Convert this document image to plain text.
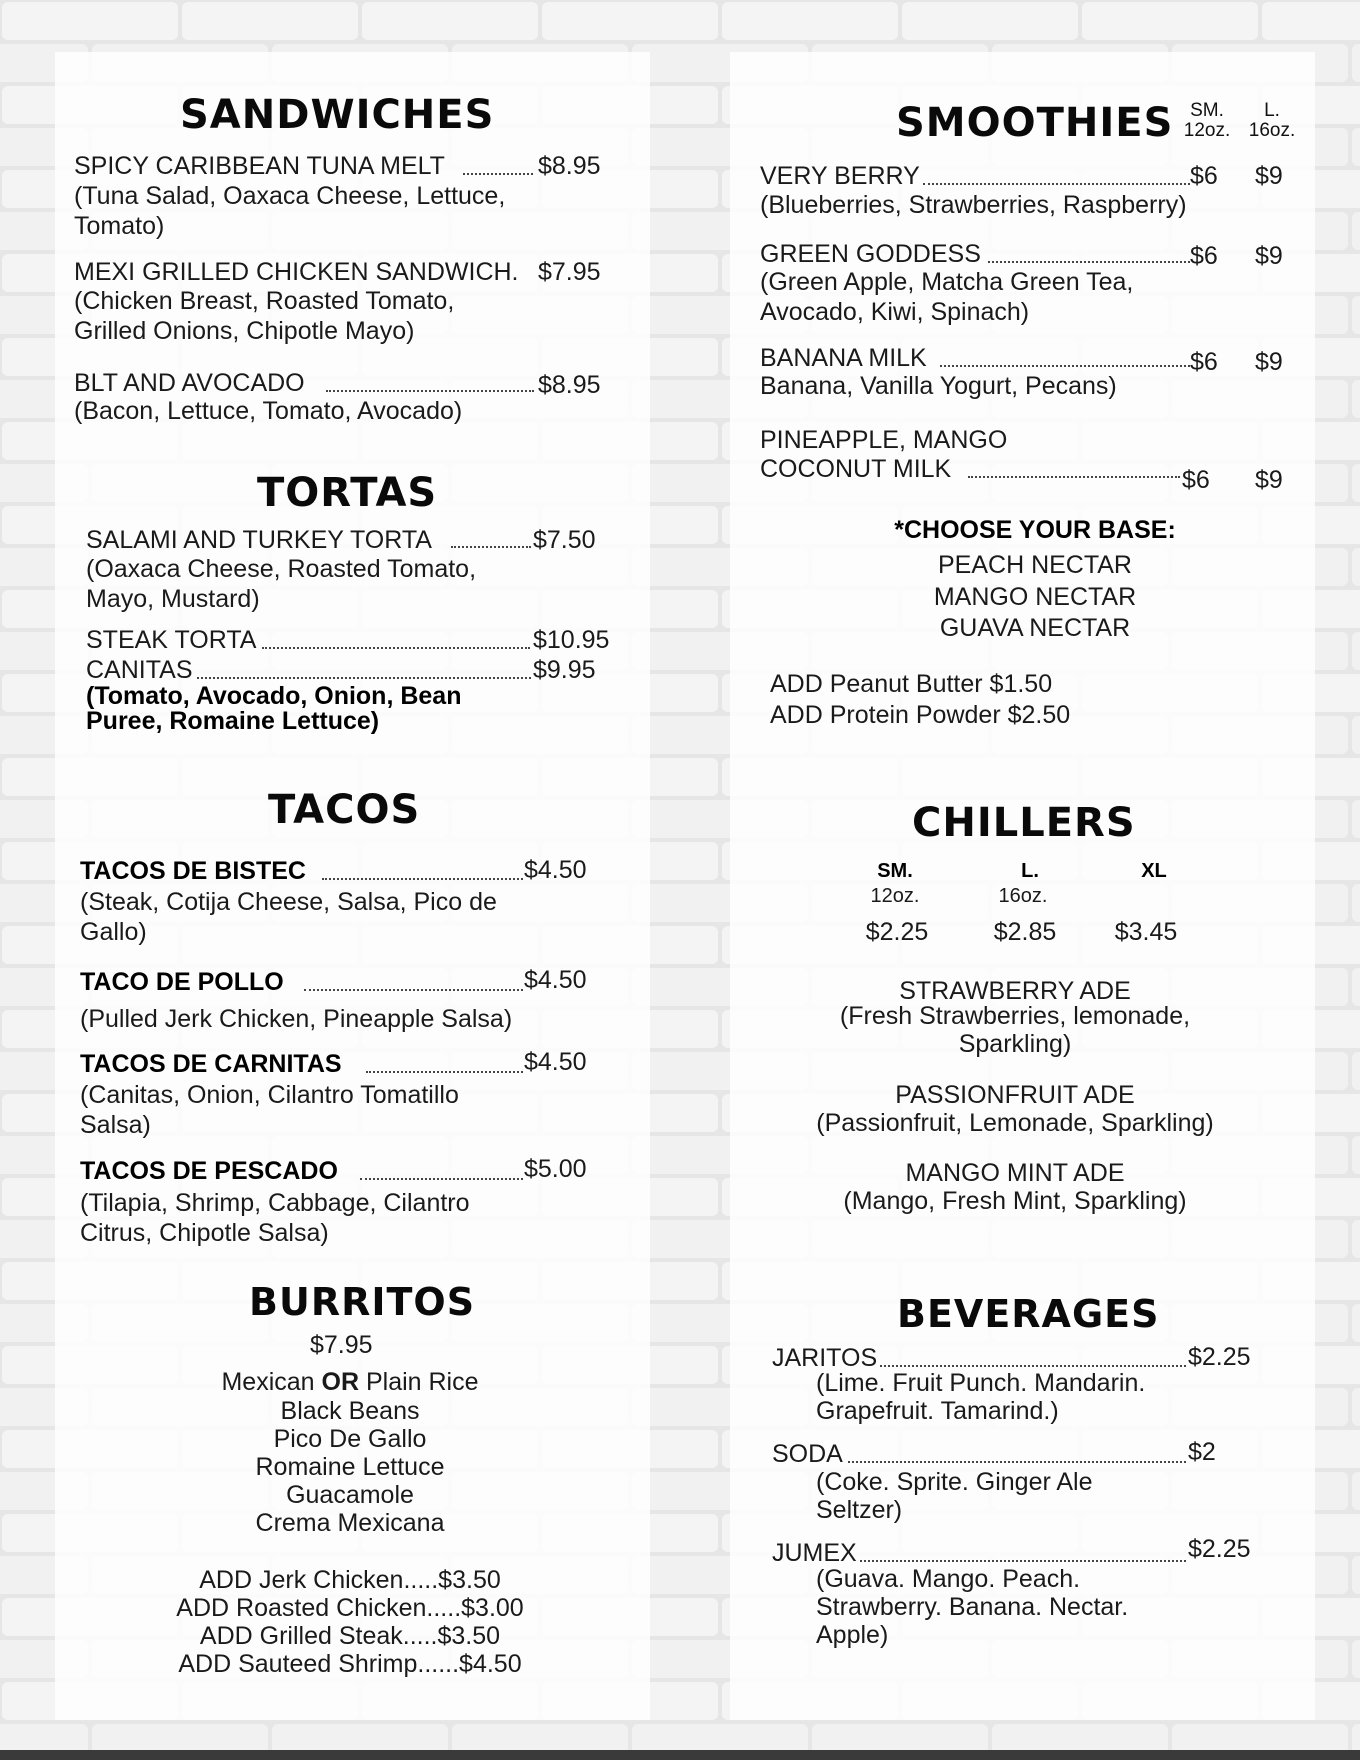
SANDWICHES
SPICY CARIBBEAN TUNA MELT	$8.95
(Tuna Salad, Oaxaca Cheese, Lettuce,
Tomato)
MEXI GRILLED CHICKEN SANDWICH. $7.95
(Chicken Breast, Roasted Tomato,
Grilled Onions, Chipotle Mayo)
BLT AND AVOCADO	$8.95
(Bacon, Lettuce, Tomato, Avocado)
TORTAS
SALAMI AND TURKEY TORTA	$7.50
(Oaxaca Cheese, Roasted Tomato,
Mayo, Mustard)
STEAK TORTA	$10.95
CANITAS	$9.95
(Tomato, Avocado, Onion, Bean
Puree, Romaine Lettuce)
TACOS
TACOS DE BISTEC	$4.50
(Steak, Cotija Cheese, Salsa, Pico de
Gallo)
TACO DE POLLO	$4.50
(Pulled Jerk Chicken, Pineapple Salsa)
TACOS DE CARNITAS	$4.50
(Canitas, Onion, Cilantro Tomatillo
Salsa)
TACOS DE PESCADO	$5.00
(Tilapia, Shrimp, Cabbage, Cilantro
Citrus, Chipotle Salsa)
BURRITOS
$7.95
Mexican OR Plain Rice
Black Beans
Pico De Gallo
Romaine Lettuce
Guacamole
Crema Mexicana
ADD Jerk Chicken.....$3.50
ADD Roasted Chicken.....$3.00
ADD Grilled Steak.....$3.50
ADD Sauteed Shrimp......$4.50
SMOOTHIES SM.
12oz.
L.
16oz.
VERY BERRY	$6 $9
(Blueberries, Strawberries, Raspberry)
GREEN GODDESS	$6 $9
(Green Apple, Matcha Green Tea,
Avocado, Kiwi, Spinach)
BANANA MILK	$6 $9
Banana, Vanilla Yogurt, Pecans)
PINEAPPLE, MANGO
COCONUT MILK	$6 $9
*CHOOSE YOUR BASE:
PEACH NECTAR
MANGO NECTAR
GUAVA NECTAR
ADD Peanut Butter $1.50
ADD Protein Powder $2.50
CHILLERS
SM.	L.	XL
12oz.	16oz.
$2.25	$2.85	$3.45
STRAWBERRY ADE
(Fresh Strawberries, lemonade,
Sparkling)
PASSIONFRUIT ADE
(Passionfruit, Lemonade, Sparkling)
MANGO MINT ADE
(Mango, Fresh Mint, Sparkling)
BEVERAGES
JARITOS	$2.25
(Lime. Fruit Punch. Mandarin.
Grapefruit. Tamarind.)
SODA	$2
(Coke. Sprite. Ginger Ale
Seltzer)
JUMEX	$2.25
(Guava. Mango. Peach.
Strawberry. Banana. Nectar.
Apple)
